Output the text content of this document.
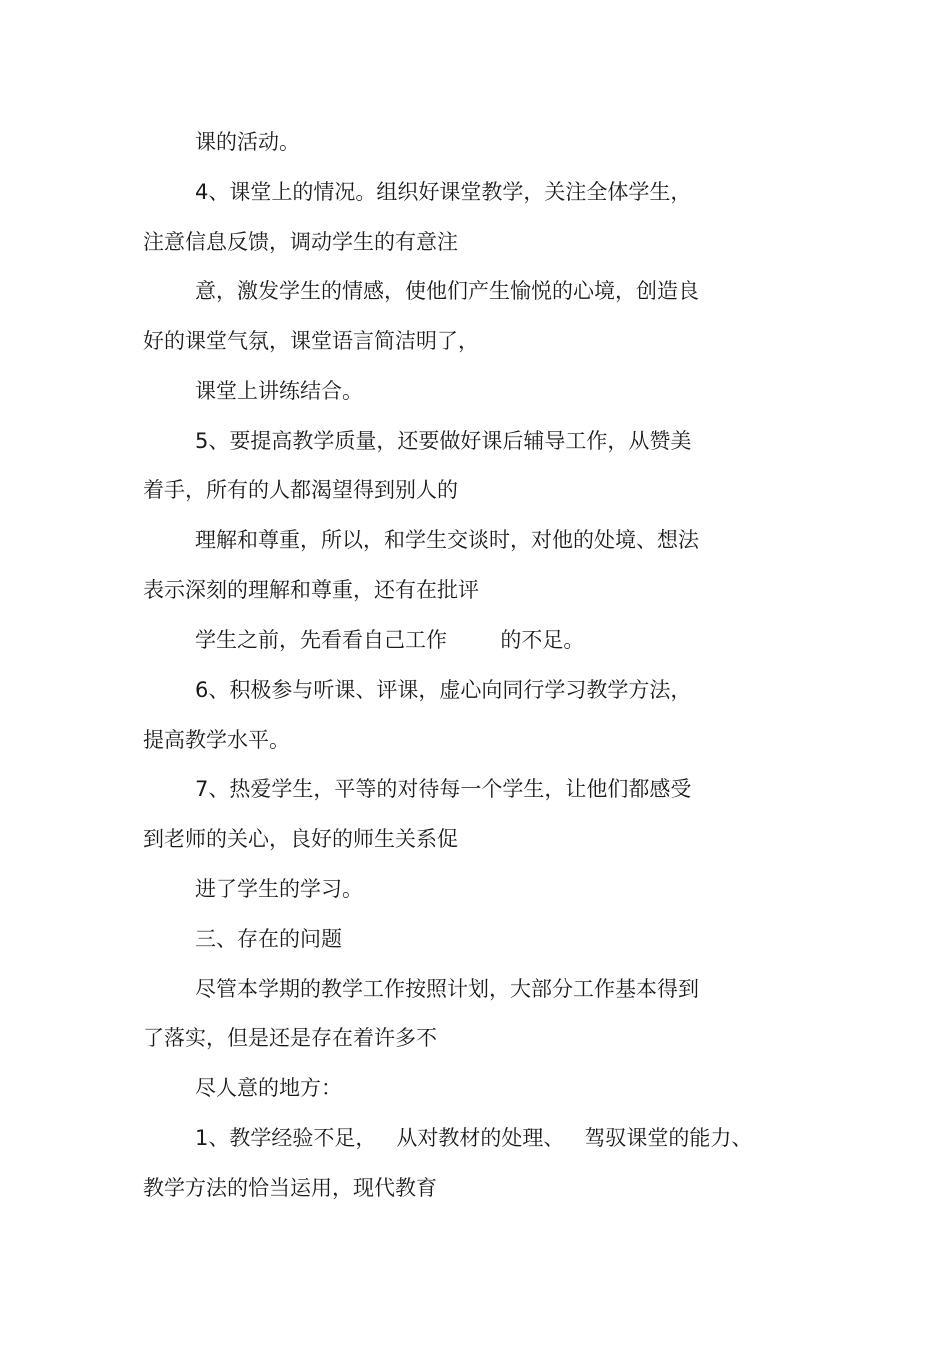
课的活动。
4、课堂上的情况。组织好课堂教学，关注全体学生，
注意信息反馈，调动学生的有意注
意，激发学生的情感，使他们产生愉悦的心境，创造良
好的课堂气氛，课堂语言简洁明了，
课堂上讲练结合。
5、要提高教学质量，还要做好课后辅导工作，从赞美
着手，所有的人都渴望得到别人的
理解和尊重，所以，和学生交谈时，对他的处境、想法
表示深刻的理解和尊重，还有在批评
学生之前，先看看自己工作        的不足。
6、积极参与听课、评课，虚心向同行学习教学方法，
提高教学水平。
7、热爱学生，平等的对待每一个学生，让他们都感受
到老师的关心，良好的师生关系促
进了学生的学习。
三、存在的问题
尽管本学期的教学工作按照计划，大部分工作基本得到
了落实，但是还是存在着许多不
尽人意的地方：
1、教学经验不足，   从对教材的处理、   驾驭课堂的能力、
教学方法的恰当运用，现代教育
